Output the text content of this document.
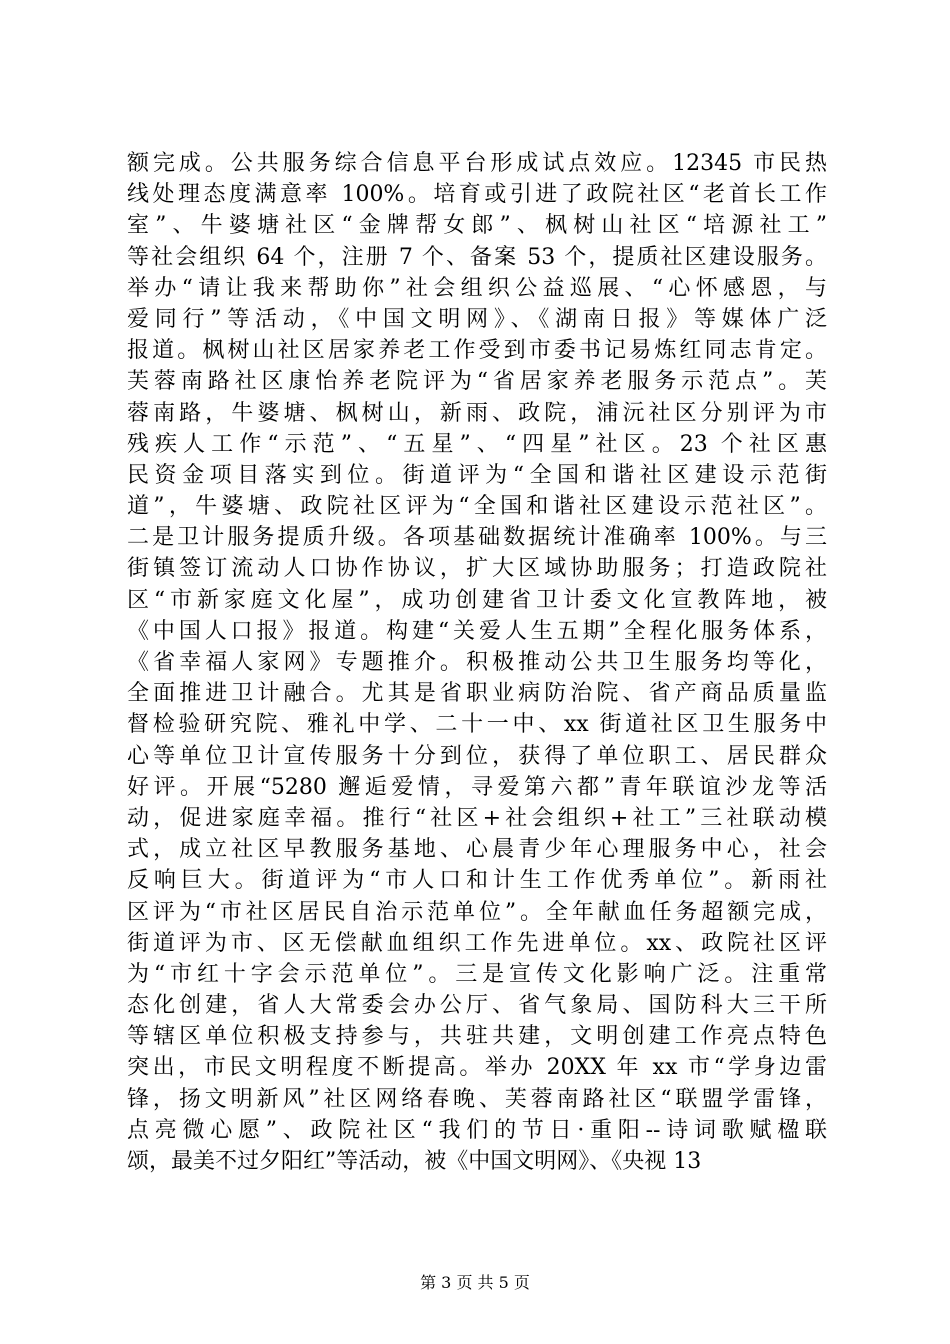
额完成。公共服务综合信息平台形成试点效应。12345 市民热
线处理态度满意率 100%。培育或引进了政院社区“老首长工作
室”、牛婆塘社区“金牌帮女郎”、枫树山社区“培源社工”
等社会组织 64 个，注册 7 个、备案 53 个，提质社区建设服务。
举办“请让我来帮助你”社会组织公益巡展、“心怀感恩，与
爱同行”等活动，《中国文明网》、《湖南日报》等媒体广泛
报道。枫树山社区居家养老工作受到市委书记易炼红同志肯定。
芙蓉南路社区康怡养老院评为“省居家养老服务示范点”。芙
蓉南路，牛婆塘、枫树山，新雨、政院，浦沅社区分别评为市
残疾人工作“示范”、“五星”、“四星”社区。23 个社区惠
民资金项目落实到位。街道评为“全国和谐社区建设示范街
道”，牛婆塘、政院社区评为“全国和谐社区建设示范社区”。
二是卫计服务提质升级。各项基础数据统计准确率 100%。与三
街镇签订流动人口协作协议，扩大区域协助服务；打造政院社
区“市新家庭文化屋”，成功创建省卫计委文化宣教阵地，被
《中国人口报》报道。构建“关爱人生五期”全程化服务体系，
《省幸福人家网》专题推介。积极推动公共卫生服务均等化，
全面推进卫计融合。尤其是省职业病防治院、省产商品质量监
督检验研究院、雅礼中学、二十一中、xx 街道社区卫生服务中
心等单位卫计宣传服务十分到位，获得了单位职工、居民群众
好评。开展“5280 邂逅爱情，寻爱第六都”青年联谊沙龙等活
动，促进家庭幸福。推行“社区+社会组织+社工”三社联动模
式，成立社区早教服务基地、心晨青少年心理服务中心，社会
反响巨大。街道评为“市人口和计生工作优秀单位”。新雨社
区评为“市社区居民自治示范单位”。全年献血任务超额完成，
街道评为市、区无偿献血组织工作先进单位。xx、政院社区评
为“市红十字会示范单位”。三是宣传文化影响广泛。注重常
态化创建，省人大常委会办公厅、省气象局、国防科大三干所
等辖区单位积极支持参与，共驻共建，文明创建工作亮点特色
突出，市民文明程度不断提高。举办 20XX 年 xx 市“学身边雷
锋，扬文明新风”社区网络春晚、芙蓉南路社区“联盟学雷锋，
点亮微心愿”、政院社区“我们的节日·重阳--诗词歌赋楹联
颂，最美不过夕阳红”等活动，被《中国文明网》、《央视 13
第 3 页 共 5 页
